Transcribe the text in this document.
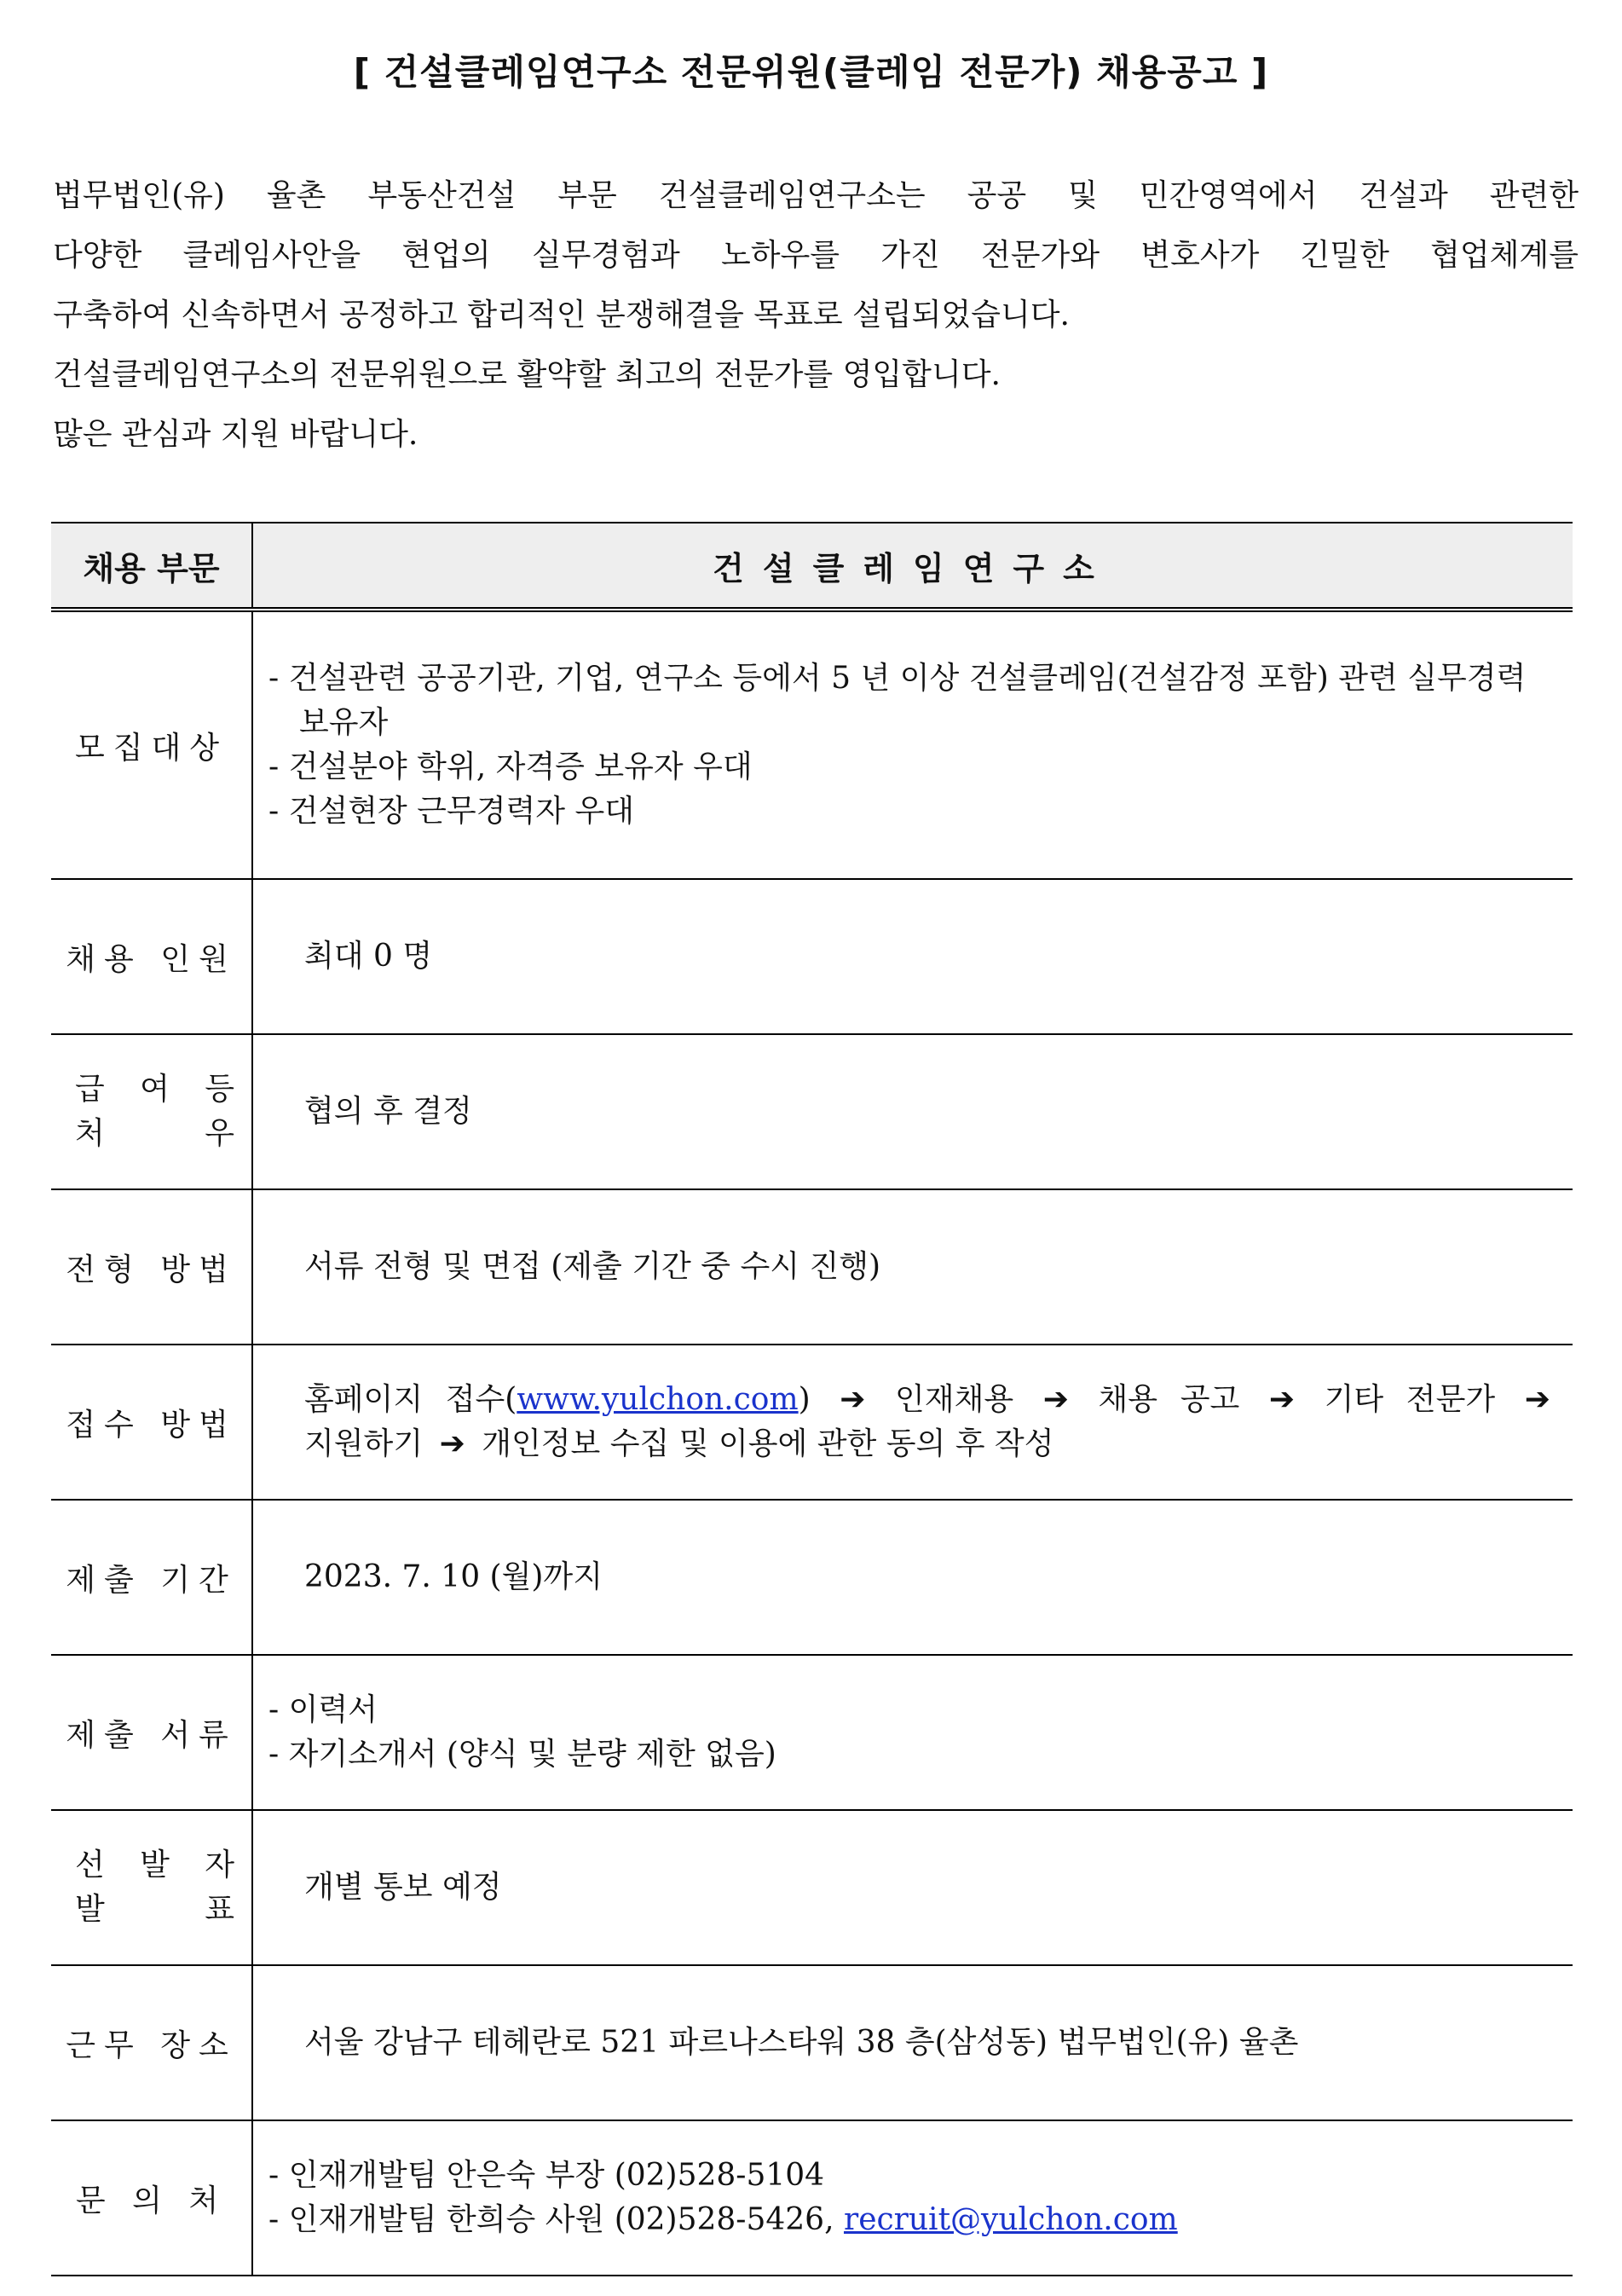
[ 건설클레임연구소 전문위원(클레임 전문가) 채용공고 ]

법무법인(유) 율촌 부동산건설 부문 건설클레임연구소는 공공 및 민간영역에서 건설과 관련한

다양한 클레임사안을 현업의 실무경험과 노하우를 가진 전문가와 변호사가 긴밀한 협업체계를

구축하여 신속하면서 공정하고 합리적인 분쟁해결을 목표로 설립되었습니다.

건설클레임연구소의 전문위원으로 활약할 최고의 전문가를 영입합니다.

많은 관심과 지원 바랍니다.

채용 부문	건설클레임연구소
모집대상	- 건설관련 공공기관, 기업, 연구소 등에서 5 년 이상 건설클레임(건설감정 포함) 관련 실무경력 보유자
- 건설분야 학위, 자격증 보유자 우대
- 건설현장 근무경력자 우대

채용 인원	최대 0 명

급 여 등
처 우	협의 후 결정
전형 방법	서류 전형 및 면접 (제출 기간 중 수시 진행)
접수 방법	홈페이지 접수(www.yulchon.com) ➔ 인재채용 ➔ 채용 공고 ➔ 기타 전문가 ➔
지원하기 ➔ 개인정보 수집 및 이용에 관한 동의 후 작성

제출 기간	2023. 7. 10 (월)까지
제출 서류	- 이력서
- 자기소개서 (양식 및 분량 제한 없음)

선 발 자
발 표	개별 통보 예정
근무 장소	서울 강남구 테헤란로 521 파르나스타워 38 층(삼성동) 법무법인(유) 율촌
문 의 처	- 인재개발팀 안은숙 부장 (02)528-5104
- 인재개발팀 한희승 사원 (02)528-5426, recruit@yulchon.com
